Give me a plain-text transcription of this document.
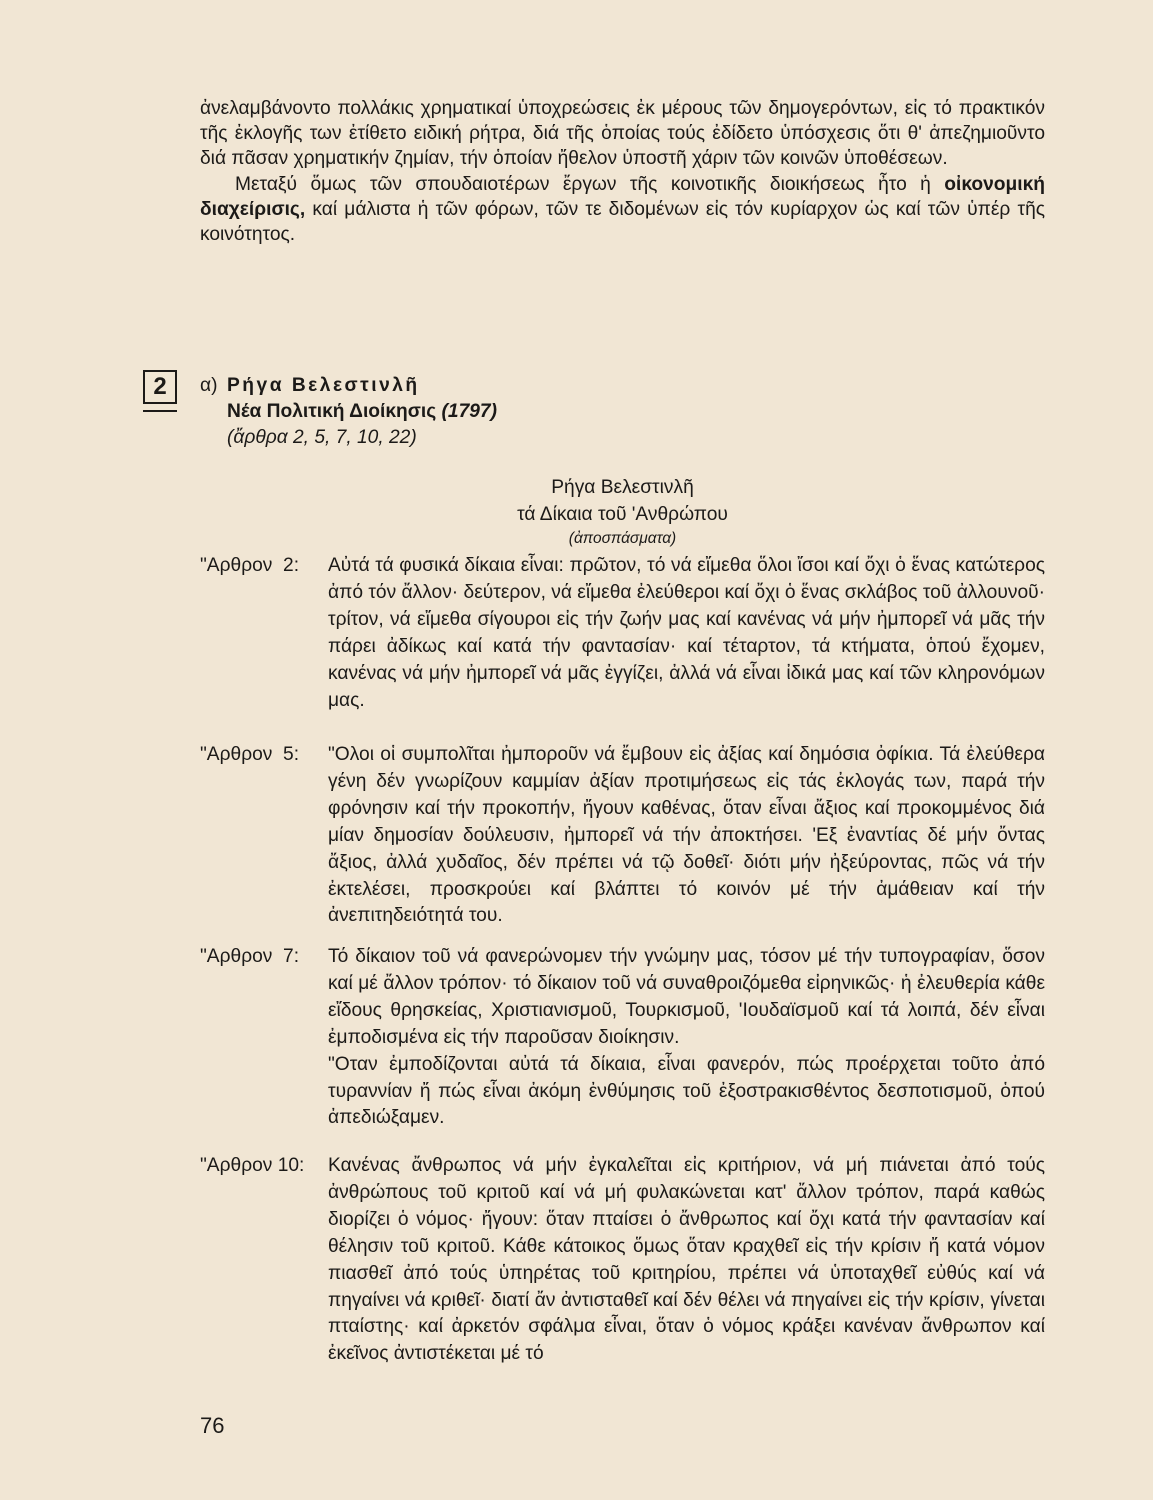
ἀνελαμβάνοντο πολλάκις χρηματικαί ὑποχρεώσεις ἐκ μέρους τῶν δημογερόντων, εἰς τό πρακτικόν τῆς ἐκλογῆς των ἐτίθετο ειδική ρήτρα, διά τῆς ὁποίας τούς ἐδίδετο ὑπόσχεσις ὅτι θ' ἀπεζημιοῦντο διά πᾶσαν χρηματικήν ζημίαν, τήν ὁποίαν ἤθελον ὑποστῆ χάριν τῶν κοινῶν ὑποθέσεων.

Μεταξύ ὅμως τῶν σπουδαιοτέρων ἔργων τῆς κοινοτικῆς διοικήσεως ἦτο ἡ οἰκονομική διαχείρισις, καί μάλιστα ἡ τῶν φόρων, τῶν τε διδομένων εἰς τόν κυρίαρχον ὡς καί τῶν ὑπέρ τῆς κοινότητος.

2	α) Ρήγα Βελεστινλῆ
Νέα Πολιτική Διοίκησις (1797)
(ἄρθρα 2, 5, 7, 10, 22)
Ρήγα Βελεστινλῆ
τά Δίκαια τοῦ 'Ανθρώπου
(ἀποσπάσματα)
"Αρθρον  2:	Αὐτά τά φυσικά δίκαια εἶναι: πρῶτον, τό νά εἴμεθα ὅλοι ἴσοι καί ὄχι ὁ ἕνας κατώτερος ἀπό τόν ἄλλον· δεύτερον, νά εἴμεθα ἐλεύθεροι καί ὄχι ὁ ἕνας σκλάβος τοῦ ἀλλουνοῦ· τρίτον, νά εἴμεθα σίγουροι εἰς τήν ζωήν μας καί κανένας νά μήν ἠμπορεῖ νά μᾶς τήν πάρει ἀδίκως καί κατά τήν φαντασίαν· καί τέταρτον, τά κτήματα, ὁπού ἔχομεν, κανένας νά μήν ἠμπορεῖ νά μᾶς ἐγγίζει, ἀλλά νά εἶναι ἰδικά μας καί τῶν κληρονόμων μας.

"Αρθρον  5:	"Ολοι οἱ συμπολῖται ἠμποροῦν νά ἔμβουν εἰς ἀξίας καί δημόσια ὀφίκια. Τά ἐλεύθερα γένη δέν γνωρίζουν καμμίαν ἀξίαν προτιμήσεως εἰς τάς ἐκλογάς των, παρά τήν φρόνησιν καί τήν προκοπήν, ἤγουν καθένας, ὅταν εἶναι ἄξιος καί προκομμένος διά μίαν δημοσίαν δούλευσιν, ἠμπορεῖ νά τήν ἀποκτήσει. 'Εξ ἐναντίας δέ μήν ὄντας ἄξιος, ἀλλά χυδαῖος, δέν πρέπει νά τῷ δοθεῖ· διότι μήν ἠξεύροντας, πῶς νά τήν ἐκτελέσει, προσκρούει καί βλάπτει τό κοινόν μέ τήν ἀμάθειαν καί τήν ἀνεπιτηδειότητά του.

"Αρθρον  7:	Τό δίκαιον τοῦ νά φανερώνομεν τήν γνώμην μας, τόσον μέ τήν τυπογραφίαν, ὅσον καί μέ ἄλλον τρόπον· τό δίκαιον τοῦ νά συναθροιζόμεθα εἰρηνικῶς· ἡ ἐλευθερία κάθε εἴδους θρησκείας, Χριστιανισμοῦ, Τουρκισμοῦ, 'Ιουδαϊσμοῦ καί τά λοιπά, δέν εἶναι ἐμποδισμένα εἰς τήν παροῦσαν διοίκησιν.

"Οταν ἐμποδίζονται αὐτά τά δίκαια, εἶναι φανερόν, πώς προέρχεται τοῦτο ἀπό τυραννίαν ἤ πώς εἶναι ἀκόμη ἐνθύμησις τοῦ ἐξοστρακισθέντος δεσποτισμοῦ, ὁπού ἀπεδιώξαμεν.

"Αρθρον 10:	Κανένας ἄνθρωπος νά μήν ἐγκαλεῖται εἰς κριτήριον, νά μή πιάνεται ἀπό τούς ἀνθρώπους τοῦ κριτοῦ καί νά μή φυλακώνεται κατ' ἄλλον τρόπον, παρά καθώς διορίζει ὁ νόμος· ἤγουν: ὅταν πταίσει ὁ ἄνθρωπος καί ὄχι κατά τήν φαντασίαν καί θέλησιν τοῦ κριτοῦ. Κάθε κάτοικος ὅμως ὅταν κραχθεῖ εἰς τήν κρίσιν ἤ κατά νόμον πιασθεῖ ἀπό τούς ὑπηρέτας τοῦ κριτηρίου, πρέπει νά ὑποταχθεῖ εὐθύς καί νά πηγαίνει νά κριθεῖ· διατί ἄν ἀντισταθεῖ καί δέν θέλει νά πηγαίνει εἰς τήν κρίσιν, γίνεται πταίστης· καί ἀρκετόν σφάλμα εἶναι, ὅταν ὁ νόμος κράξει κανέναν ἄνθρωπον καί ἐκεῖνος ἀντιστέκεται μέ τό

76
